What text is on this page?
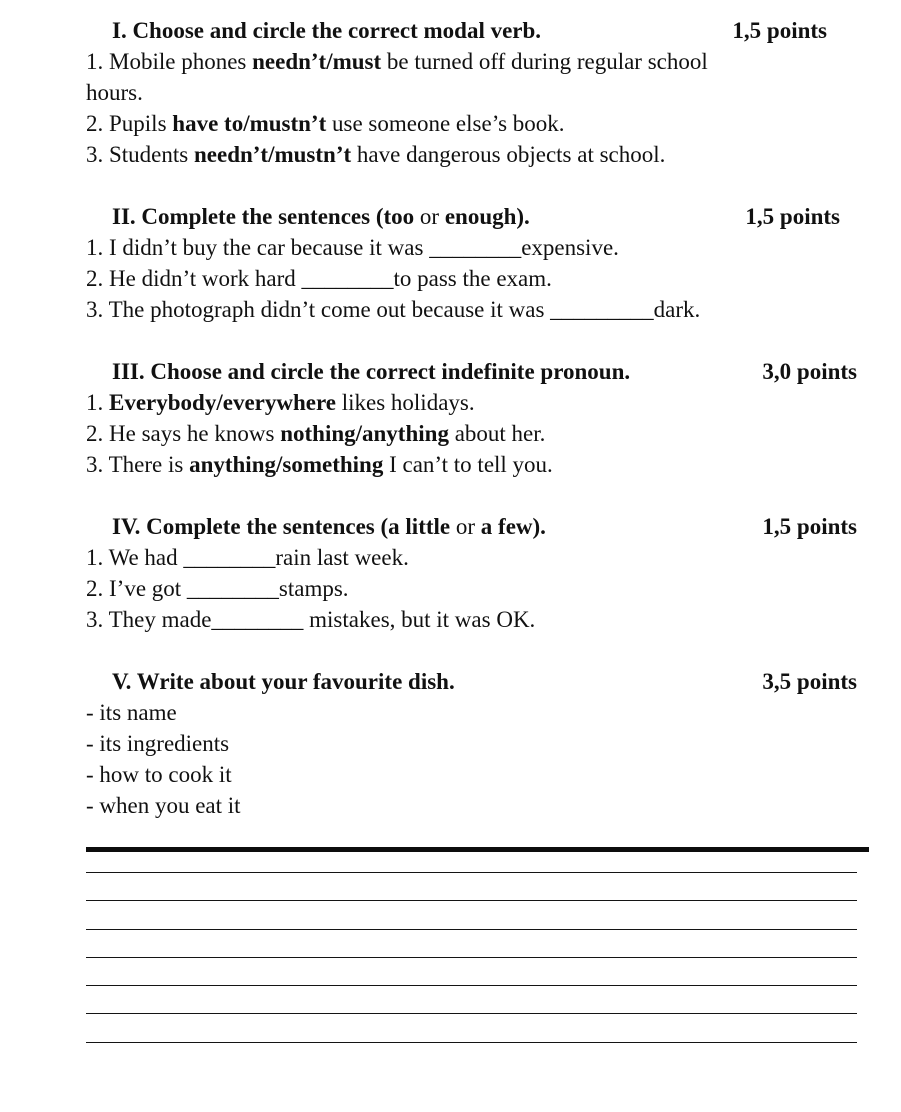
I. Choose and circle the correct modal verb.	1,5 points
1. Mobile phones needn’t/must be turned off during regular school
hours.
2. Pupils have to/mustn’t use someone else’s book.
3. Students needn’t/mustn’t have dangerous objects at school.
II. Complete the sentences (too or enough).	1,5 points
1. I didn’t buy the car because it was ________expensive.
2. He didn’t work hard ________to pass the exam.
3. The photograph didn’t come out because it was _________dark.
III. Choose and circle the correct indefinite pronoun.	3,0 points
1. Everybody/everywhere likes holidays.
2. He says he knows nothing/anything about her.
3. There is anything/something I can’t to tell you.
IV. Complete the sentences (a little or a few).	1,5 points
1. We had ________rain last week.
2. I’ve got ________stamps.
3. They made________ mistakes, but it was OK.
V. Write about your favourite dish.	3,5 points
- its name
- its ingredients
- how to cook it
- when you eat it
